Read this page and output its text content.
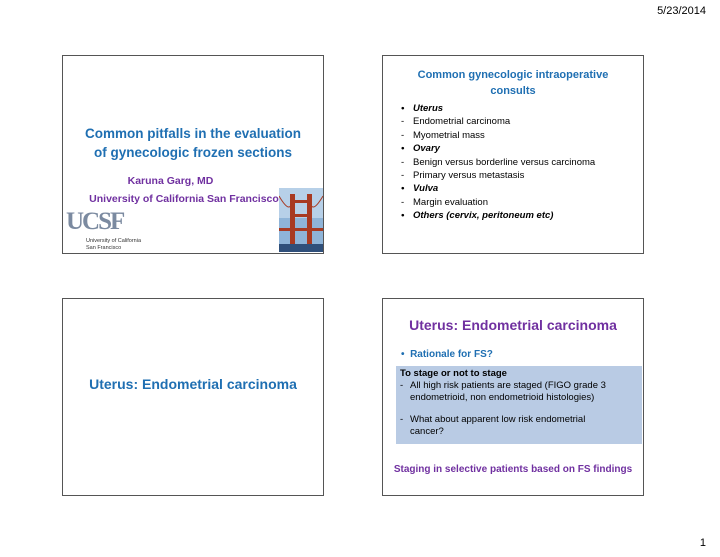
5/23/2014
Common pitfalls in the evaluation
of gynecologic frozen sections
Karuna Garg, MD
University of California San Francisco
UCSF
University of California
San Francisco
Common gynecologic intraoperative
consults
• Uterus
- Endometrial carcinoma
- Myometrial mass
• Ovary
- Benign versus borderline versus carcinoma
- Primary versus metastasis
• Vulva
- Margin evaluation
• Others (cervix, peritoneum etc)
Uterus: Endometrial carcinoma
Uterus: Endometrial carcinoma
•  Rationale for FS?
To stage or not to stage
- All high risk patients are staged (FIGO grade 3
endometrioid, non endometrioid histologies)
- What about apparent low risk endometrial
cancer?
Staging in selective patients based on FS findings
1
